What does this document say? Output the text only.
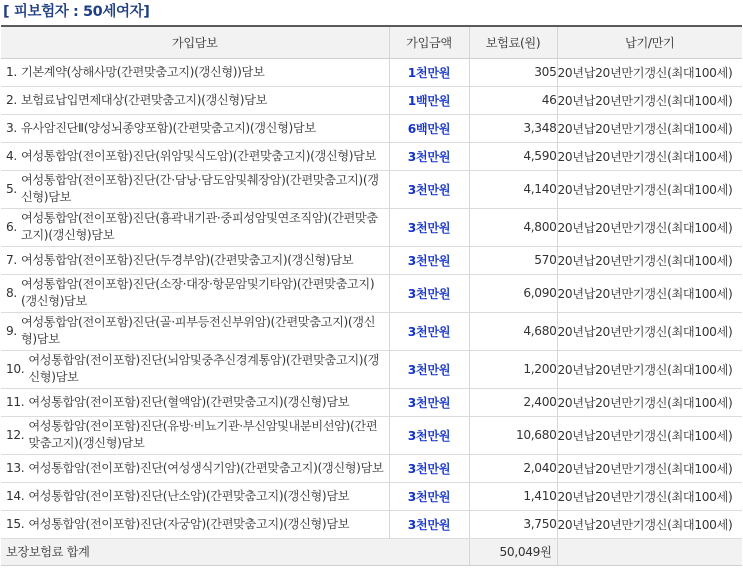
[ 피보험자 : 50세여자]
가입담보	가입금액	보험료(원)	납기/만기

1. 기본계약(상해사망(간편맞춤고지)(갱신형))담보	1천만원	305	20년납20년만기갱신(최대100세)

2. 보험료납입면제대상(간편맞춤고지)(갱신형)담보	1백만원	46	20년납20년만기갱신(최대100세)

3. 유사암진단Ⅱ(양성뇌종양포함)(간편맞춤고지)(갱신형)담보	6백만원	3,348	20년납20년만기갱신(최대100세)

4. 여성통합암(전이포함)진단(위암및식도암)(간편맞춤고지)(갱신형)담보	3천만원	4,590	20년납20년만기갱신(최대100세)

5.
여성통합암(전이포함)진단(간·담낭·담도암및췌장암)(간편맞춤고지)(갱신형)담보	3천만원	4,140	20년납20년만기갱신(최대100세)

6.
여성통합암(전이포함)진단(흉곽내기관·중피성암및연조직암)(간편맞춤고지)(갱신형)담보	3천만원	4,800	20년납20년만기갱신(최대100세)

7. 여성통합암(전이포함)진단(두경부암)(간편맞춤고지)(갱신형)담보	3천만원	570	20년납20년만기갱신(최대100세)

8.
여성통합암(전이포함)진단(소장·대장·항문암및기타암)(간편맞춤고지)(갱신형)담보	3천만원	6,090	20년납20년만기갱신(최대100세)

9.
여성통합암(전이포함)진단(골·피부등전신부위암)(간편맞춤고지)(갱신형)담보	3천만원	4,680	20년납20년만기갱신(최대100세)

10.
여성통합암(전이포함)진단(뇌암및중추신경계통암)(간편맞춤고지)(갱신형)담보	3천만원	1,200	20년납20년만기갱신(최대100세)

11. 여성통합암(전이포함)진단(혈액암)(간편맞춤고지)(갱신형)담보	3천만원	2,400	20년납20년만기갱신(최대100세)

12.
여성통합암(전이포함)진단(유방·비뇨기관·부신암및내분비선암)(간편맞춤고지)(갱신형)담보	3천만원	10,680	20년납20년만기갱신(최대100세)

13. 여성통합암(전이포함)진단(여성생식기암)(간편맞춤고지)(갱신형)담보	3천만원	2,040	20년납20년만기갱신(최대100세)

14. 여성통합암(전이포함)진단(난소암)(간편맞춤고지)(갱신형)담보	3천만원	1,410	20년납20년만기갱신(최대100세)

15. 여성통합암(전이포함)진단(자궁암)(간편맞춤고지)(갱신형)담보	3천만원	3,750	20년납20년만기갱신(최대100세)
보장보험료 합계		50,049원	
